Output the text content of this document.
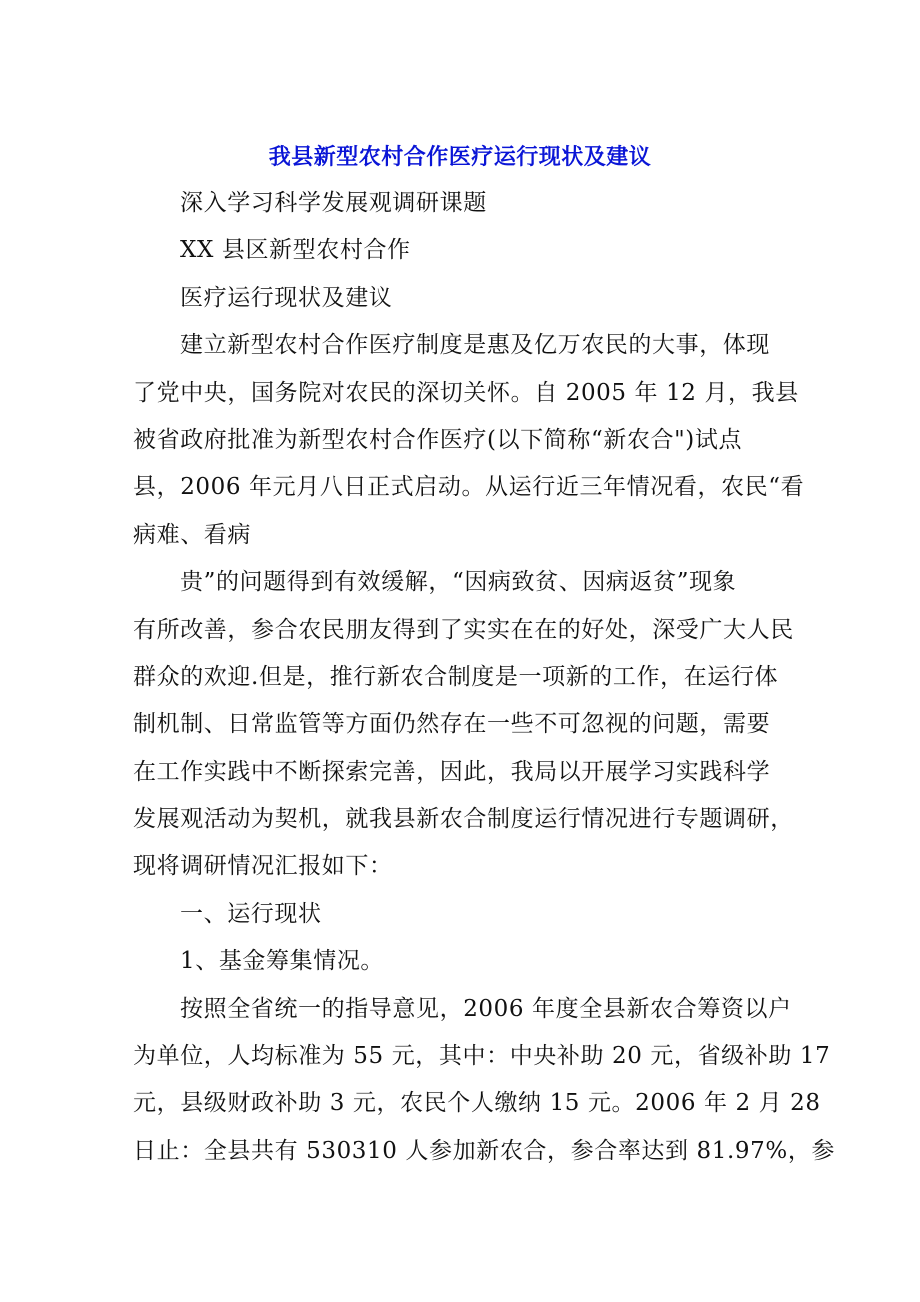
我县新型农村合作医疗运行现状及建议
深入学习科学发展观调研课题
XX 县区新型农村合作
医疗运行现状及建议
建立新型农村合作医疗制度是惠及亿万农民的大事，体现
了党中央，国务院对农民的深切关怀。自 2005 年 12 月，我县
被省政府批准为新型农村合作医疗(以下简称“新农合")试点
县，2006 年元月八日正式启动。从运行近三年情况看，农民“看
病难、看病
贵”的问题得到有效缓解，“因病致贫、因病返贫”现象
有所改善，参合农民朋友得到了实实在在的好处，深受广大人民
群众的欢迎.但是，推行新农合制度是一项新的工作，在运行体
制机制、日常监管等方面仍然存在一些不可忽视的问题，需要
在工作实践中不断探索完善，因此，我局以开展学习实践科学
发展观活动为契机，就我县新农合制度运行情况进行专题调研，
现将调研情况汇报如下：
一、运行现状
1、基金筹集情况。
按照全省统一的指导意见，2006 年度全县新农合筹资以户
为单位，人均标准为 55 元，其中：中央补助 20 元，省级补助 17
元，县级财政补助 3 元，农民个人缴纳 15 元。2006 年 2 月 28
日止：全县共有 530310 人参加新农合，参合率达到 81.97%，参
